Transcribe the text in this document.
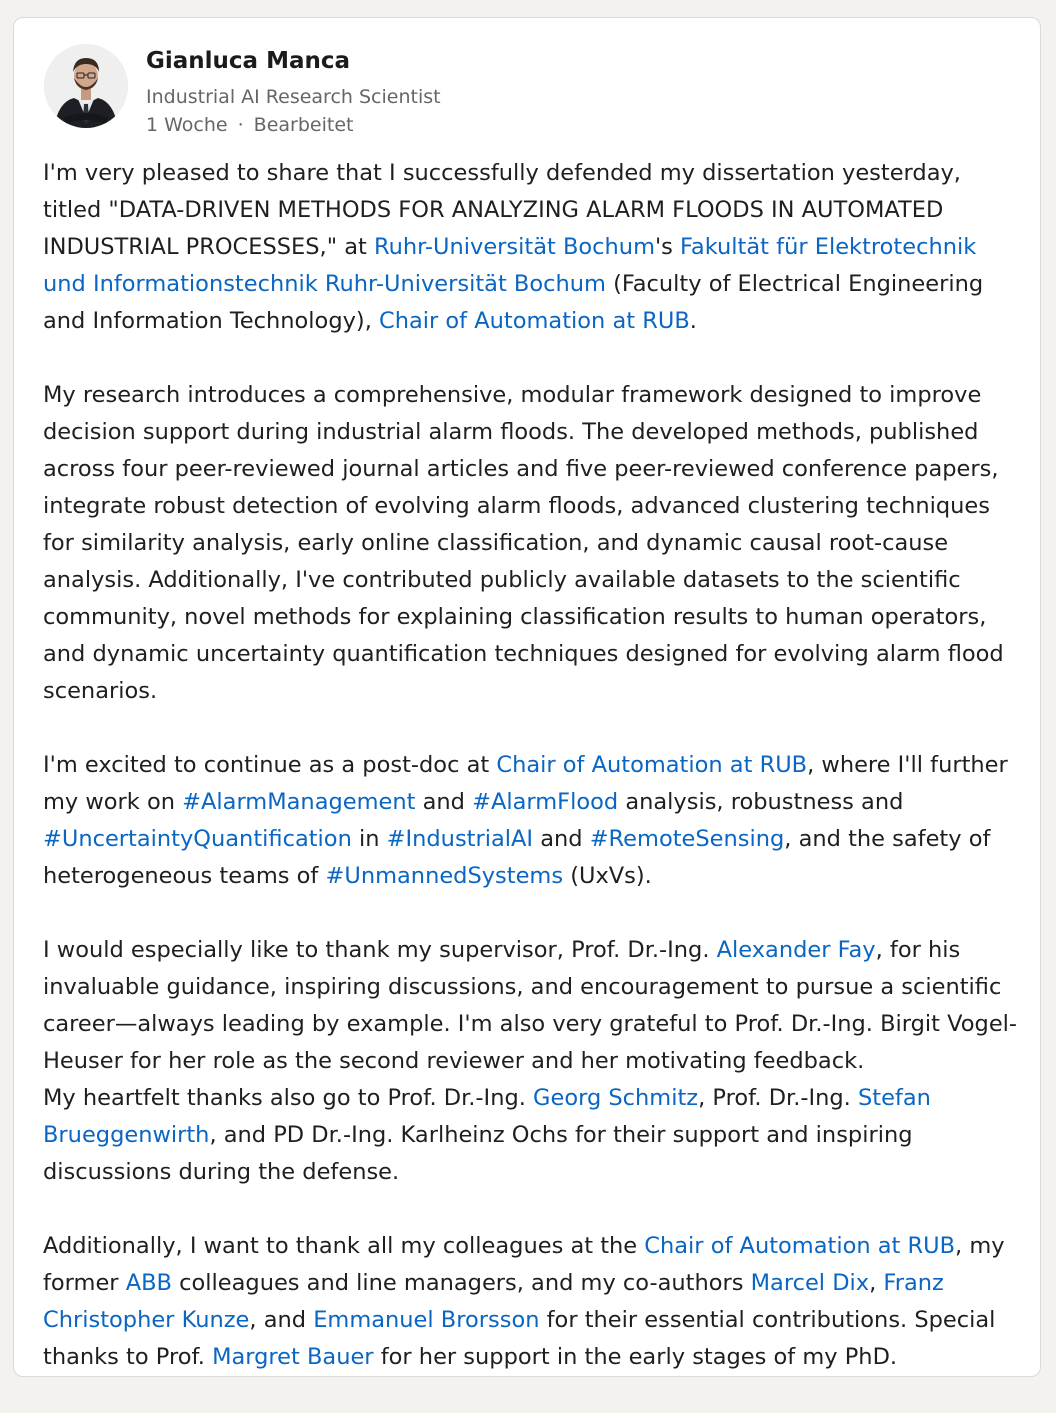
Gianluca Manca
Industrial AI Research Scientist
1 Woche · Bearbeitet

I'm very pleased to share that I successfully defended my dissertation yesterday, titled "DATA-DRIVEN METHODS FOR ANALYZING ALARM FLOODS IN AUTOMATED INDUSTRIAL PROCESSES," at Ruhr-Universität Bochum's Fakultät für Elektrotechnik und Informationstechnik Ruhr-Universität Bochum (Faculty of Electrical Engineering and Information Technology), Chair of Automation at RUB.

My research introduces a comprehensive, modular framework designed to improve decision support during industrial alarm floods. The developed methods, published across four peer-reviewed journal articles and five peer-reviewed conference papers, integrate robust detection of evolving alarm floods, advanced clustering techniques for similarity analysis, early online classification, and dynamic causal root-cause analysis. Additionally, I've contributed publicly available datasets to the scientific community, novel methods for explaining classification results to human operators, and dynamic uncertainty quantification techniques designed for evolving alarm flood scenarios.

I'm excited to continue as a post-doc at Chair of Automation at RUB, where I'll further my work on #AlarmManagement and #AlarmFlood analysis, robustness and #UncertaintyQuantification in #IndustrialAI and #RemoteSensing, and the safety of heterogeneous teams of #UnmannedSystems (UxVs).

I would especially like to thank my supervisor, Prof. Dr.-Ing. Alexander Fay, for his invaluable guidance, inspiring discussions, and encouragement to pursue a scientific career—always leading by example. I'm also very grateful to Prof. Dr.-Ing. Birgit Vogel-Heuser for her role as the second reviewer and her motivating feedback.
My heartfelt thanks also go to Prof. Dr.-Ing. Georg Schmitz, Prof. Dr.-Ing. Stefan Brueggenwirth, and PD Dr.-Ing. Karlheinz Ochs for their support and inspiring discussions during the defense.

Additionally, I want to thank all my colleagues at the Chair of Automation at RUB, my former ABB colleagues and line managers, and my co-authors Marcel Dix, Franz Christopher Kunze, and Emmanuel Brorsson for their essential contributions. Special thanks to Prof. Margret Bauer for her support in the early stages of my PhD.
